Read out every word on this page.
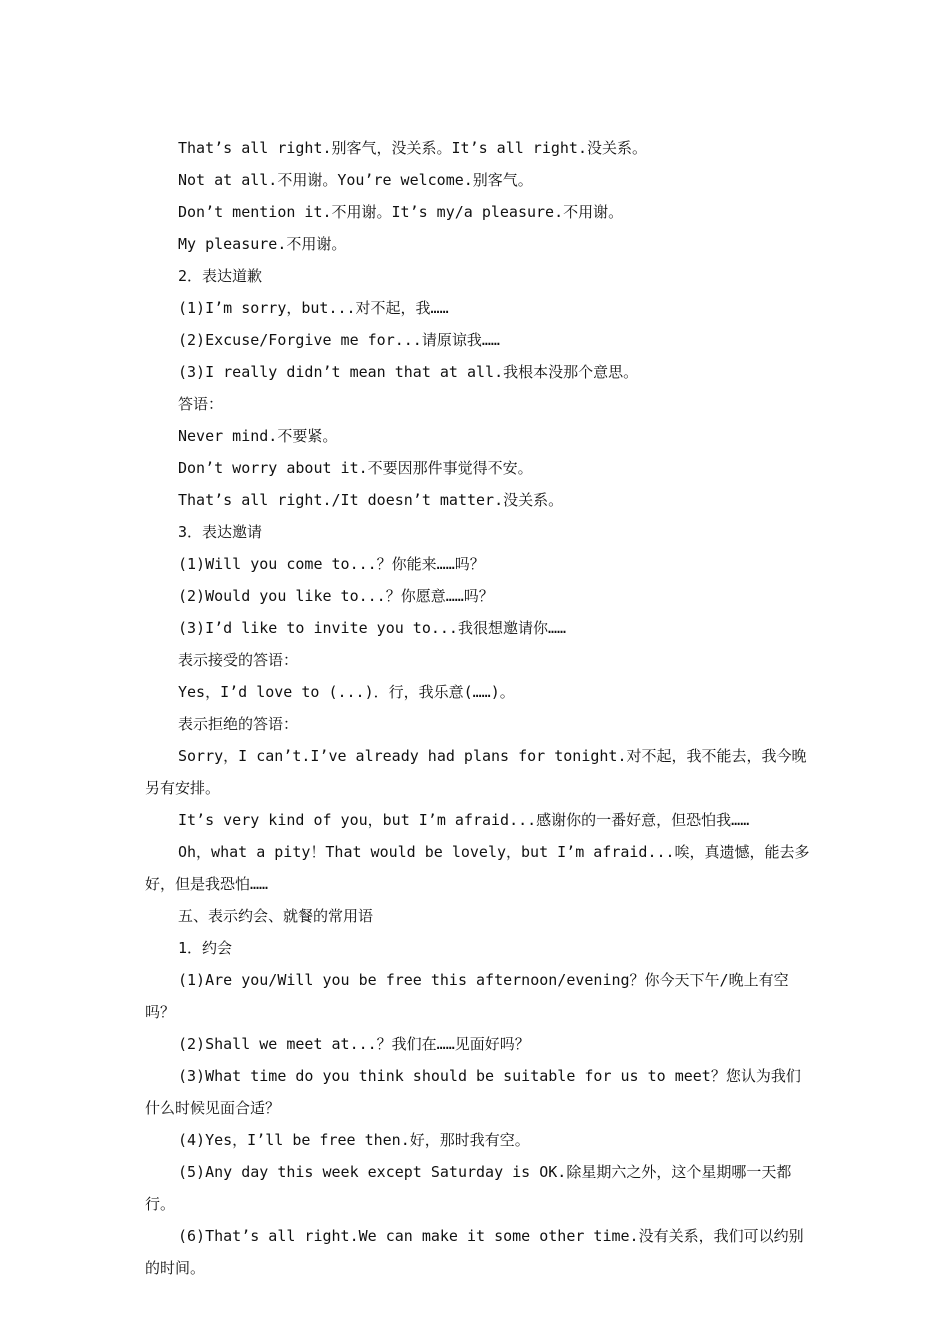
That’s all right.别客气，没关系。It’s all right.没关系。

Not at all.不用谢。You’re welcome.别客气。

Don’t mention it.不用谢。It’s my/a pleasure.不用谢。

My pleasure.不用谢。

2．表达道歉

(1)I’m sorry，but...对不起，我……

(2)Excuse/Forgive me for...请原谅我……

(3)I really didn’t mean that at all.我根本没那个意思。

答语：

Never mind.不要紧。

Don’t worry about it.不要因那件事觉得不安。

That’s all right./It doesn’t matter.没关系。

3．表达邀请

(1)Will you come to...？你能来……吗？

(2)Would you like to...？你愿意……吗？

(3)I’d like to invite you to...我很想邀请你……

表示接受的答语：

Yes，I’d love to (...)．行，我乐意(……)。

表示拒绝的答语：

Sorry，I can’t.I’ve already had plans for tonight.对不起，我不能去，我今晚另有安排。

It’s very kind of you，but I’m afraid...感谢你的一番好意，但恐怕我……

Oh，what a pity！That would be lovely，but I’m afraid...唉，真遗憾，能去多好，但是我恐怕……

五、表示约会、就餐的常用语

1．约会

(1)Are you/Will you be free this afternoon/evening？你今天下午/晚上有空吗？

(2)Shall we meet at...？我们在……见面好吗？

(3)What time do you think should be suitable for us to meet？您认为我们什么时候见面合适？

(4)Yes，I’ll be free then.好，那时我有空。

(5)Any day this week except Saturday is OK.除星期六之外，这个星期哪一天都行。

(6)That’s all right.We can make it some other time.没有关系，我们可以约别的时间。
